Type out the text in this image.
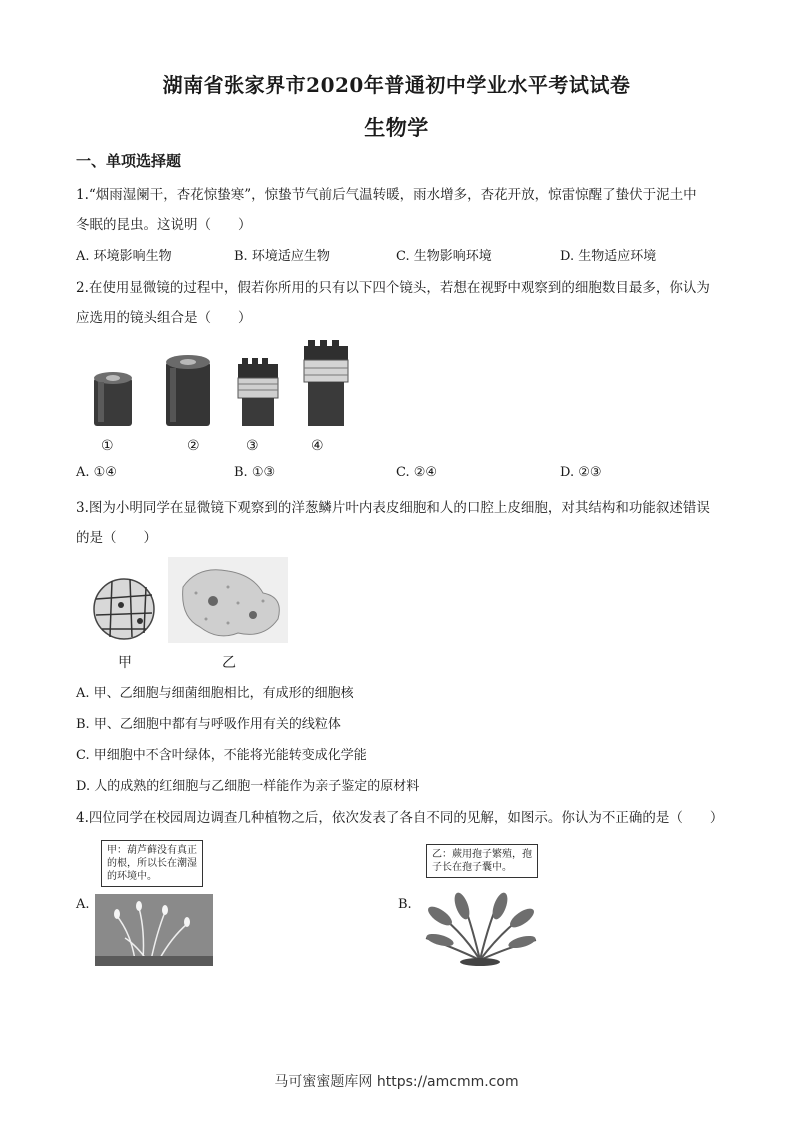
湖南省张家界市2020年普通初中学业水平考试试卷
生物学
一、单项选择题
1.“烟雨湿阑干，杏花惊蛰寒”，惊蛰节气前后气温转暖，雨水增多，杏花开放，惊雷惊醒了蛰伏于泥土中
冬眠的昆虫。这说明（　　）
A. 环境影响生物	B. 环境适应生物	C. 生物影响环境	D. 生物适应环境
2.在使用显微镜的过程中，假若你所用的只有以下四个镜头，若想在视野中观察到的细胞数目最多，你认为
应选用的镜头组合是（　　）
①	②	③	④
A. ①④	B. ①③	C. ②④	D. ②③
3.图为小明同学在显微镜下观察到的洋葱鳞片叶内表皮细胞和人的口腔上皮细胞，对其结构和功能叙述错误
的是（　　）
甲	乙
A. 甲、乙细胞与细菌细胞相比，有成形的细胞核
B. 甲、乙细胞中都有与呼吸作用有关的线粒体
C. 甲细胞中不含叶绿体，不能将光能转变成化学能
D. 人的成熟的红细胞与乙细胞一样能作为亲子鉴定的原材料
4.四位同学在校园周边调查几种植物之后，依次发表了各自不同的见解，如图示。你认为不正确的是（　　）
A.
甲：葫芦藓没有真正
的根，所以长在潮湿
的环境中。
B.
乙：蕨用孢子繁殖，孢
子长在孢子囊中。
马可蜜蜜题库网 https://amcmm.com
